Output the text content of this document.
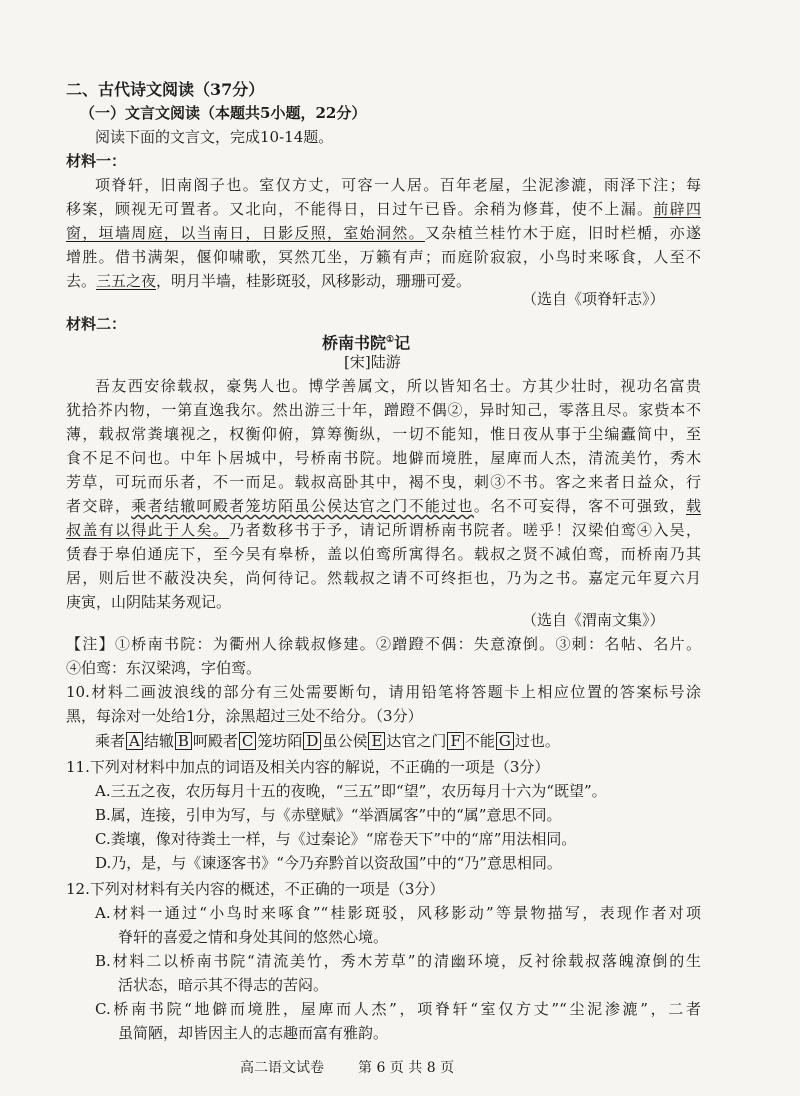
二、古代诗文阅读（37分）
（一）文言文阅读（本题共5小题，22分）
阅读下面的文言文，完成10-14题。
材料一：
项脊轩，旧南阁子也。室仅方丈，可容一人居。百年老屋，尘泥渗漉，雨泽下注；每
移案，顾视无可置者。又北向，不能得日，日过午已昏。余稍为修葺，使不上漏。前辟四
窗，垣墙周庭，以当南日，日影反照，室始洞然。又杂植兰桂竹木于庭，旧时栏楯，亦遂
增胜。借书满架，偃仰啸歌，冥然兀坐，万籁有声；而庭阶寂寂，小鸟时来啄食，人至不
去。三五之夜，明月半墙，桂影斑驳，风移影动，珊珊可爱。
（选自《项脊轩志》）
材料二：
桥南书院①记
[宋]陆游
吾友西安徐载叔，豪隽人也。博学善属文，所以皆知名士。方其少壮时，视功名富贵
犹拾芥内物，一第直逸我尔。然出游三十年，蹭蹬不偶②，异时知己，零落且尽。家赀本不
薄，载叔常粪壤视之，权衡仰俯，算筹衡纵，一切不能知，惟日夜从事于尘编蠹简中，至
食不足不问也。中年卜居城中，号桥南书院。地僻而境胜，屋庳而人杰，清流美竹，秀木
芳草，可玩而乐者，不一而足。载叔高卧其中，褐不曳，刺③不书。客之来者日益众，行
者交辟，乘者结辙呵殿者笼坊陌虽公侯达官之门不能过也。名不可妄得，客不可强致，载
叔盖有以得此于人矣。乃者数移书于予，请记所谓桥南书院者。嗟乎！汉梁伯鸾④入吴，
赁舂于皋伯通庑下，至今吴有皋桥，盖以伯鸾所寓得名。载叔之贤不减伯鸾，而桥南乃其
居，则后世不蔽没决矣，尚何待记。然载叔之请不可终拒也，乃为之书。嘉定元年夏六月
庚寅，山阴陆某务观记。
（选自《渭南文集》）
【注】①桥南书院：为衢州人徐载叔修建。②蹭蹬不偶：失意潦倒。③刺：名帖、名片。
④伯鸾：东汉梁鸿，字伯鸾。
10.材料二画波浪线的部分有三处需要断句，请用铅笔将答题卡上相应位置的答案标号涂
黑，每涂对一处给1分，涂黑超过三处不给分。（3分）
乘者 A 结辙 B 呵殿者 C 笼坊陌 D 虽公侯 E 达官之门 F 不能 G 过也。
11.下列对材料中加点的词语及相关内容的解说，不正确的一项是（3分）
A.三五之夜，农历每月十五的夜晚，“三五”即“望”，农历每月十六为“既望”。
B.属，连接，引申为写，与《赤壁赋》“举酒属客”中的“属”意思不同。
C.粪壤，像对待粪土一样，与《过秦论》“席卷天下”中的“席”用法相同。
D.乃，是，与《谏逐客书》“今乃弃黔首以资敌国”中的“乃”意思相同。
12.下列对材料有关内容的概述，不正确的一项是（3分）
A.材料一通过“小鸟时来啄食”“桂影斑驳，风移影动”等景物描写，表现作者对项
脊轩的喜爱之情和身处其间的悠然心境。
B.材料二以桥南书院“清流美竹，秀木芳草”的清幽环境，反衬徐载叔落魄潦倒的生
活状态，暗示其不得志的苦闷。
C.桥南书院“地僻而境胜，屋庳而人杰”，项脊轩“室仅方丈”“尘泥渗漉”，二者
虽简陋，却皆因主人的志趣而富有雅韵。
高二语文试卷 第 6 页 共 8 页
